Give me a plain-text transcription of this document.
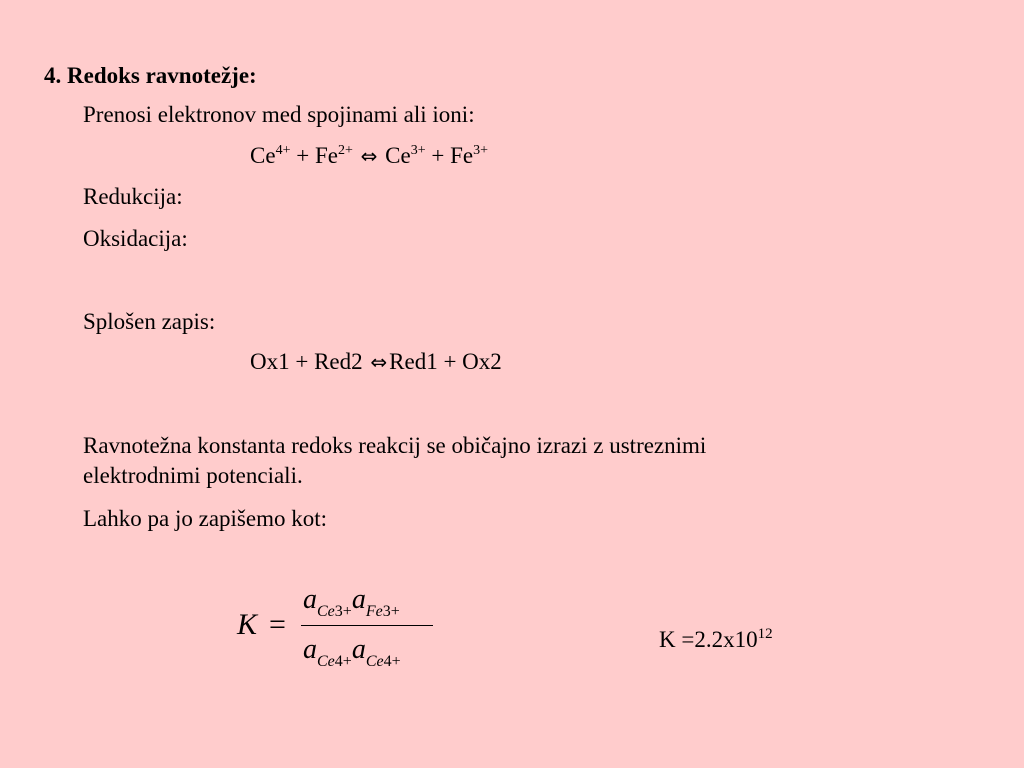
4. Redoks ravnotežje:
Prenosi elektronov med spojinami ali ioni:
$Ce^{4+} + Fe^{2+}$ ⇔ $Ce^{3+} + Fe^{3+}$
Redukcija:
Oksidacija:
Splošen zapis:
Ox1 + Red2 ⇔Red1 + Ox2
Ravnotežna konstanta redoks reakcij se običajno izrazi z ustreznimi
elektrodnimi potenciali.
Lahko pa jo zapišemo kot:
K =
$a_{Ce3+}a_{Fe3+}$
$a_{Ce4+}a_{Ce4+}$
$K =2.2x10^{12}$
